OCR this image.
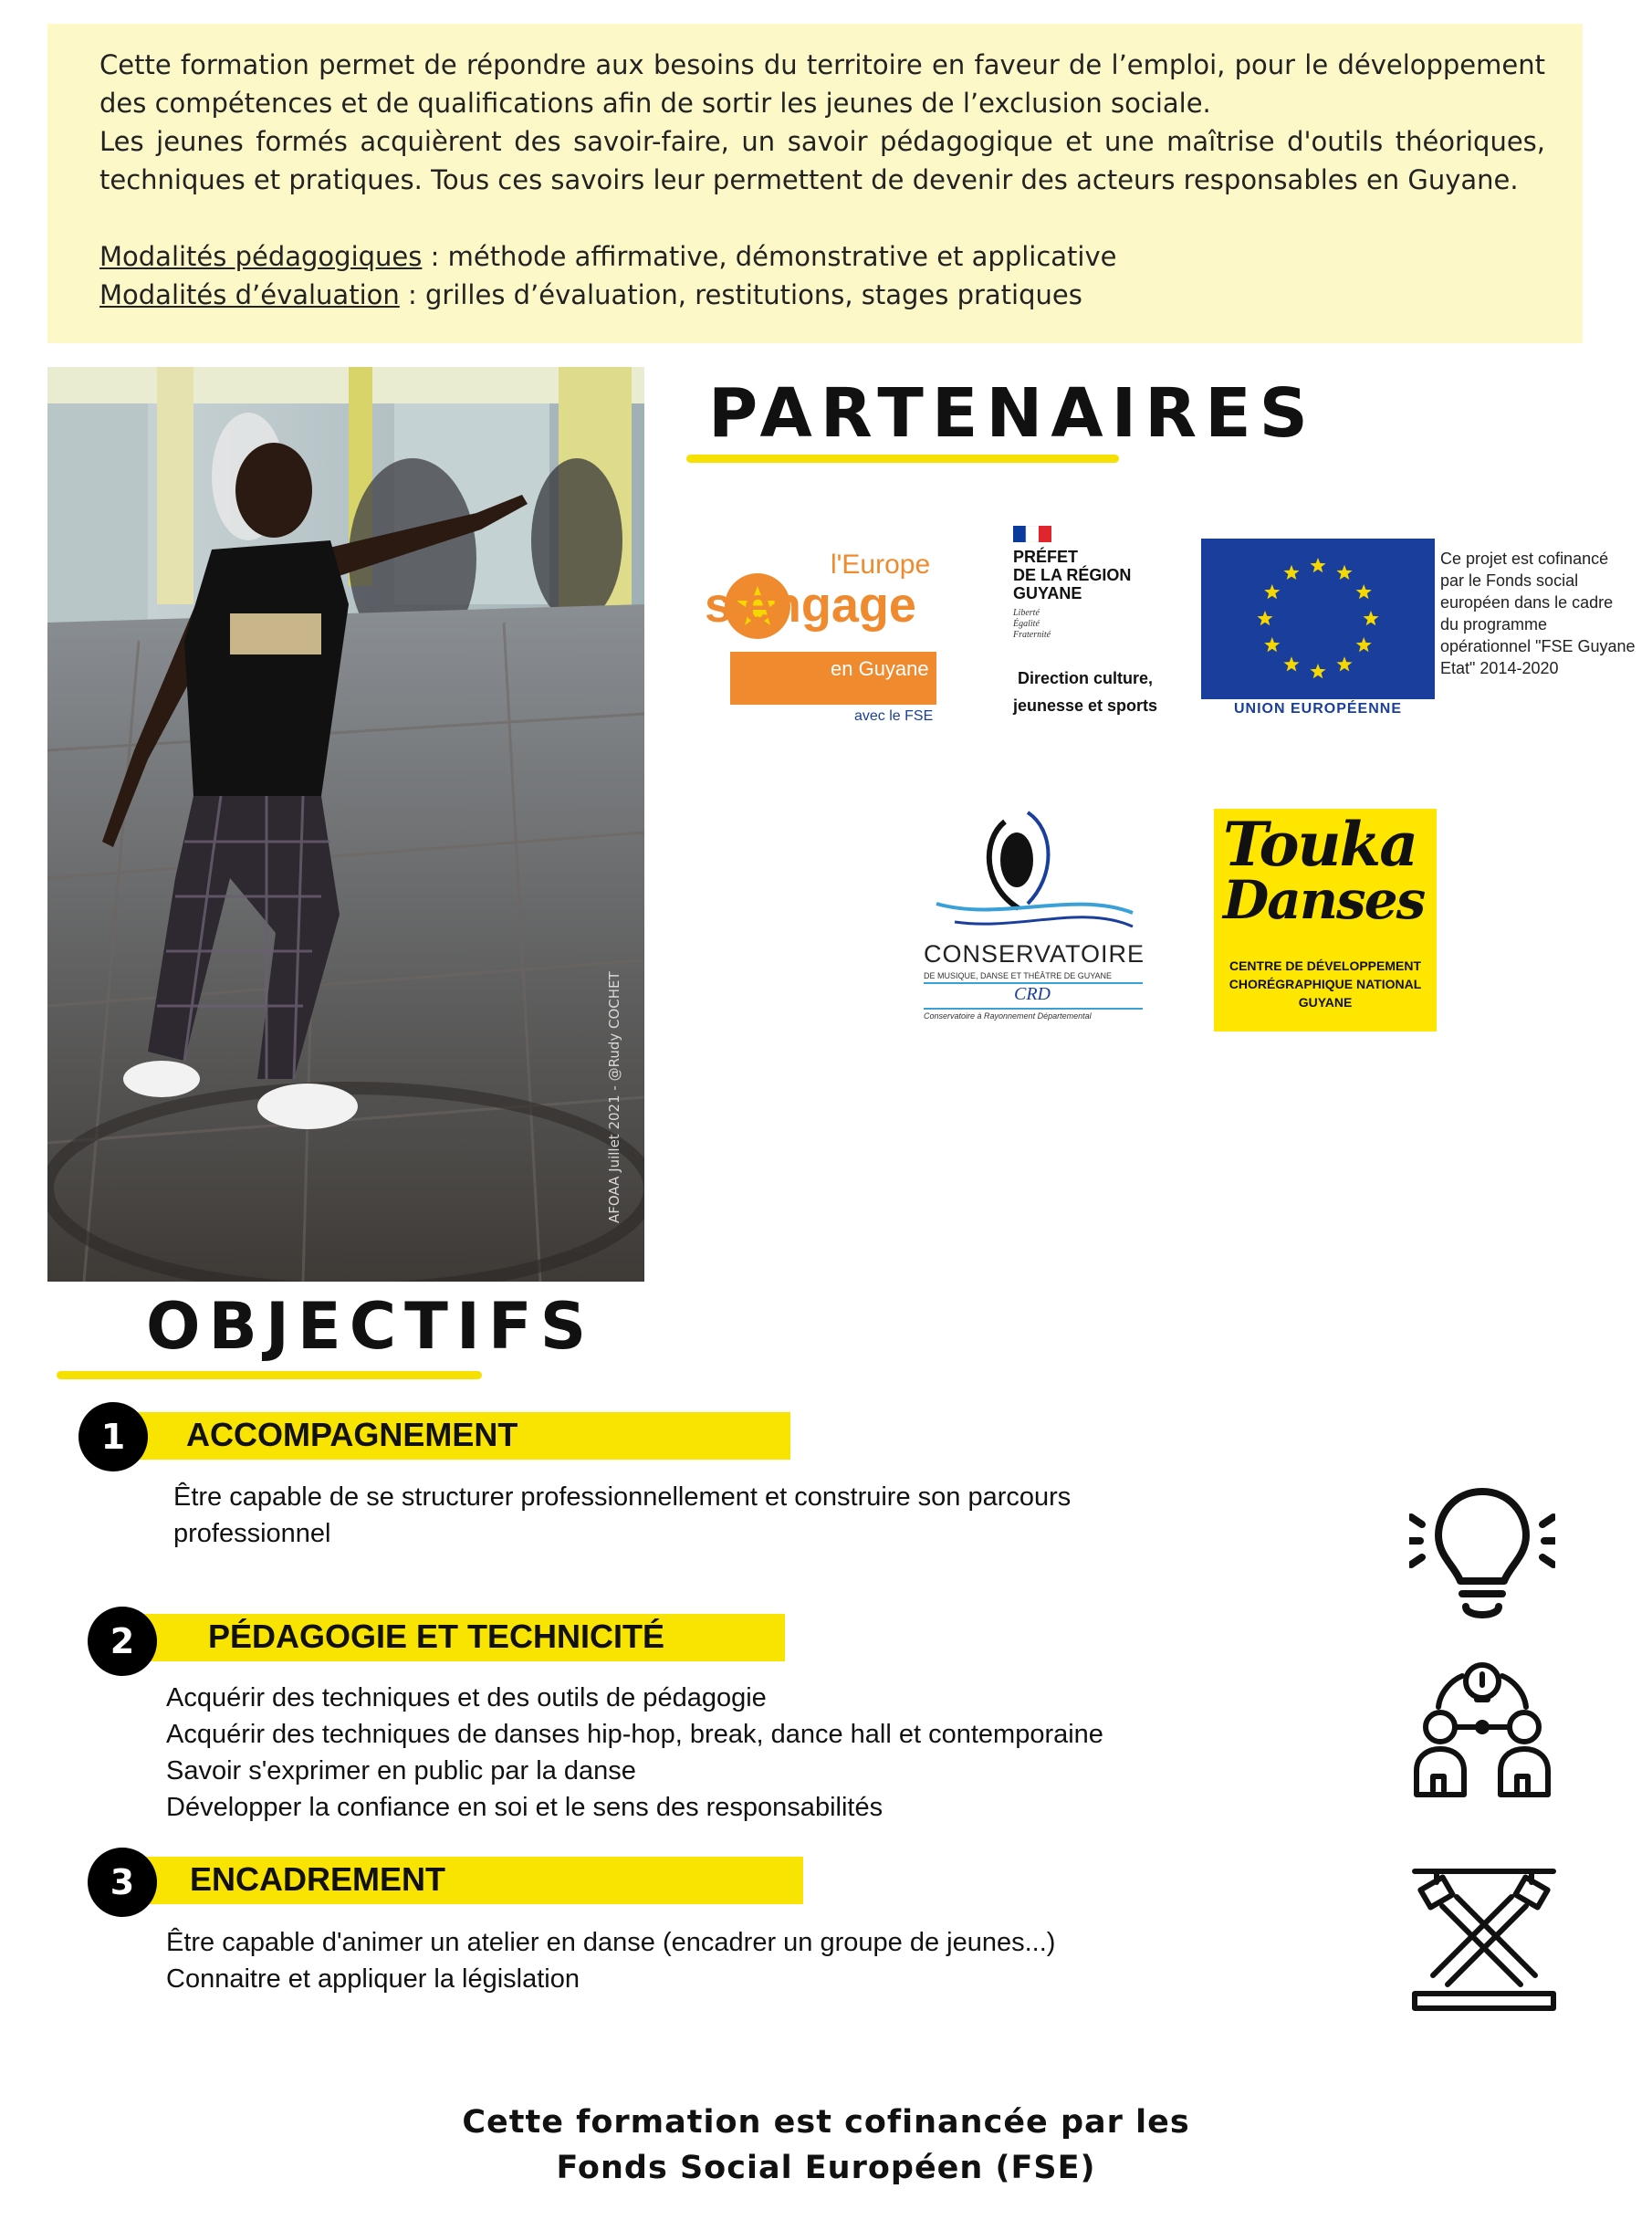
Cette formation permet de répondre aux besoins du territoire en faveur de l’emploi, pour le développement
des compétences et de qualifications afin de sortir les jeunes de l’exclusion sociale.
Les jeunes formés acquièrent des savoir-faire, un savoir pédagogique et une maîtrise d'outils théoriques,
techniques et pratiques. Tous ces savoirs leur permettent de devenir des acteurs responsables en Guyane.
Modalités pédagogiques : méthode affirmative, démonstrative et applicative
Modalités d’évaluation : grilles d’évaluation, restitutions, stages pratiques
AFOAA Juillet 2021 - @Rudy COCHET
PARTENAIRES
l'Europe
s'engage
en Guyane
avec le FSE
PRÉFET
DE LA RÉGION
GUYANE
Liberté
Égalité
Fraternité
Direction culture,
jeunesse et sports	UNION EUROPÉENNE
Ce projet est cofinancé
par le Fonds social
européen dans le cadre
du programme
opérationnel "FSE Guyane
Etat" 2014-2020
CONSERVATOIRE
DE MUSIQUE, DANSE ET THÉÂTRE DE GUYANE
CRD
Conservatoire à Rayonnement Départemental
Touka
Danses
CENTRE DE DÉVELOPPEMENT
CHORÉGRAPHIQUE NATIONAL
GUYANE
OBJECTIFS
1	ACCOMPAGNEMENT
Être capable de se structurer professionnellement et construire son parcours
professionnel
2	PÉDAGOGIE ET TECHNICITÉ
Acquérir des techniques et des outils de pédagogie
Acquérir des techniques de danses hip-hop, break, dance hall et contemporaine
Savoir s'exprimer en public par la danse
Développer la confiance en soi et le sens des responsabilités
3	ENCADREMENT
Être capable d'animer un atelier en danse (encadrer un groupe de jeunes...)
Connaitre et appliquer la législation
Cette formation est cofinancée par les
Fonds Social Européen (FSE)
